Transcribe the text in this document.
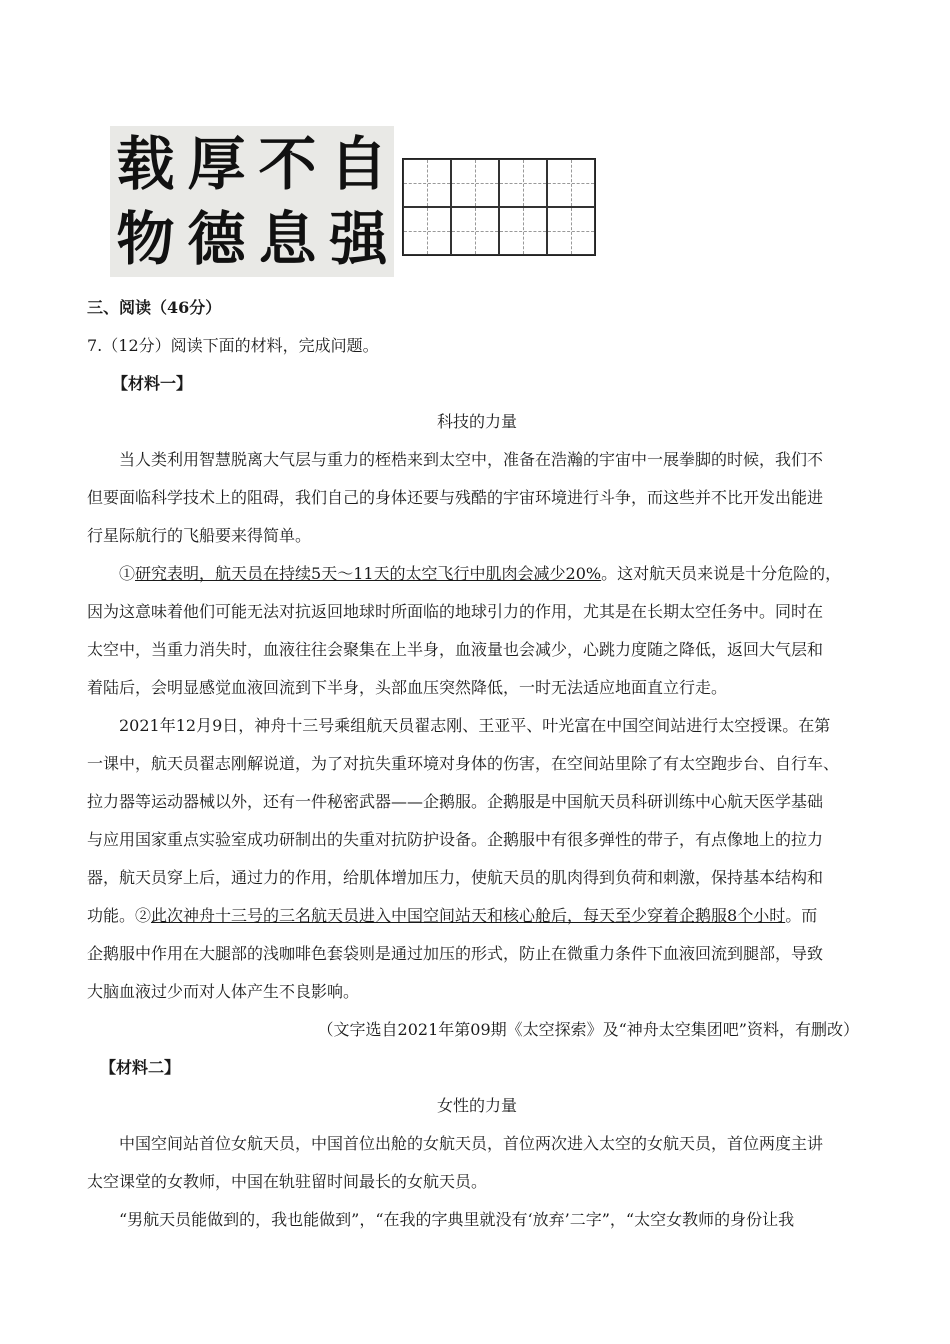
载 厚 不 自
物 德 息 强

三、阅读（46分）

7.（12分）阅读下面的材料，完成问题。

【材料一】

科技的力量

当人类利用智慧脱离大气层与重力的桎梏来到太空中，准备在浩瀚的宇宙中一展拳脚的时候，我们不

但要面临科学技术上的阻碍，我们自己的身体还要与残酷的宇宙环境进行斗争，而这些并不比开发出能进

行星际航行的飞船要来得简单。

①研究表明，航天员在持续5天～11天的太空飞行中肌肉会减少20%。这对航天员来说是十分危险的，

因为这意味着他们可能无法对抗返回地球时所面临的地球引力的作用，尤其是在长期太空任务中。同时在

太空中，当重力消失时，血液往往会聚集在上半身，血液量也会减少，心跳力度随之降低，返回大气层和

着陆后，会明显感觉血液回流到下半身，头部血压突然降低，一时无法适应地面直立行走。

2021年12月9日，神舟十三号乘组航天员翟志刚、王亚平、叶光富在中国空间站进行太空授课。在第

一课中，航天员翟志刚解说道，为了对抗失重环境对身体的伤害，在空间站里除了有太空跑步台、自行车、

拉力器等运动器械以外，还有一件秘密武器——企鹅服。企鹅服是中国航天员科研训练中心航天医学基础

与应用国家重点实验室成功研制出的失重对抗防护设备。企鹅服中有很多弹性的带子，有点像地上的拉力

器，航天员穿上后，通过力的作用，给肌体增加压力，使航天员的肌肉得到负荷和刺激，保持基本结构和

功能。②此次神舟十三号的三名航天员进入中国空间站天和核心舱后，每天至少穿着企鹅服8个小时。而

企鹅服中作用在大腿部的浅咖啡色套袋则是通过加压的形式，防止在微重力条件下血液回流到腿部，导致

大脑血液过少而对人体产生不良影响。

（文字选自2021年第09期《太空探索》及“神舟太空集团吧”资料，有删改）

【材料二】

女性的力量

中国空间站首位女航天员，中国首位出舱的女航天员，首位两次进入太空的女航天员，首位两度主讲

太空课堂的女教师，中国在轨驻留时间最长的女航天员。

“男航天员能做到的，我也能做到”，“在我的字典里就没有‘放弃’二字”，“太空女教师的身份让我
